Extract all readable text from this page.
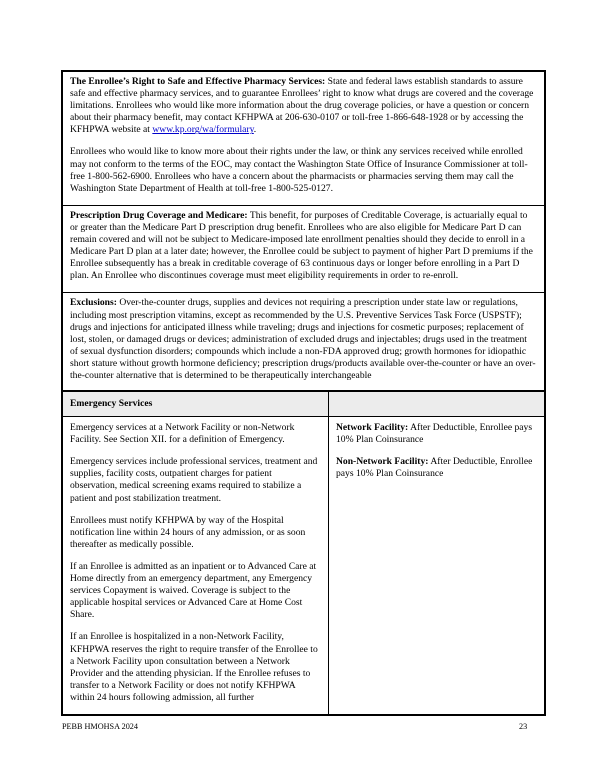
The Enrollee’s Right to Safe and Effective Pharmacy Services: State and federal laws establish standards to assure safe and effective pharmacy services, and to guarantee Enrollees’ right to know what drugs are covered and the coverage limitations. Enrollees who would like more information about the drug coverage policies, or have a question or concern about their pharmacy benefit, may contact KFHPWA at 206-630-0107 or toll-free 1-866-648-1928 or by accessing the KFHPWA website at www.kp.org/wa/formulary.

Enrollees who would like to know more about their rights under the law, or think any services received while enrolled may not conform to the terms of the EOC, may contact the Washington State Office of Insurance Commissioner at toll-free 1-800-562-6900. Enrollees who have a concern about the pharmacists or pharmacies serving them may call the Washington State Department of Health at toll-free 1-800-525-0127.

Prescription Drug Coverage and Medicare: This benefit, for purposes of Creditable Coverage, is actuarially equal to or greater than the Medicare Part D prescription drug benefit. Enrollees who are also eligible for Medicare Part D can remain covered and will not be subject to Medicare-imposed late enrollment penalties should they decide to enroll in a Medicare Part D plan at a later date; however, the Enrollee could be subject to payment of higher Part D premiums if the Enrollee subsequently has a break in creditable coverage of 63 continuous days or longer before enrolling in a Part D plan. An Enrollee who discontinues coverage must meet eligibility requirements in order to re-enroll.

Exclusions: Over-the-counter drugs, supplies and devices not requiring a prescription under state law or regulations, including most prescription vitamins, except as recommended by the U.S. Preventive Services Task Force (USPSTF); drugs and injections for anticipated illness while traveling; drugs and injections for cosmetic purposes; replacement of lost, stolen, or damaged drugs or devices; administration of excluded drugs and injectables; drugs used in the treatment of sexual dysfunction disorders; compounds which include a non-FDA approved drug; growth hormones for idiopathic short stature without growth hormone deficiency; prescription drugs/products available over-the-counter or have an over-the-counter alternative that is determined to be therapeutically interchangeable

Emergency Services

Emergency services at a Network Facility or non-Network Facility. See Section XII. for a definition of Emergency.

Emergency services include professional services, treatment and supplies, facility costs, outpatient charges for patient observation, medical screening exams required to stabilize a patient and post stabilization treatment.

Enrollees must notify KFHPWA by way of the Hospital notification line within 24 hours of any admission, or as soon thereafter as medically possible.

If an Enrollee is admitted as an inpatient or to Advanced Care at Home directly from an emergency department, any Emergency services Copayment is waived. Coverage is subject to the applicable hospital services or Advanced Care at Home Cost Share.

If an Enrollee is hospitalized in a non-Network Facility, KFHPWA reserves the right to require transfer of the Enrollee to a Network Facility upon consultation between a Network Provider and the attending physician. If the Enrollee refuses to transfer to a Network Facility or does not notify KFHPWA within 24 hours following admission, all further

Network Facility: After Deductible, Enrollee pays 10% Plan Coinsurance

Non-Network Facility: After Deductible, Enrollee pays 10% Plan Coinsurance

PEBB HMOHSA 2024	23
